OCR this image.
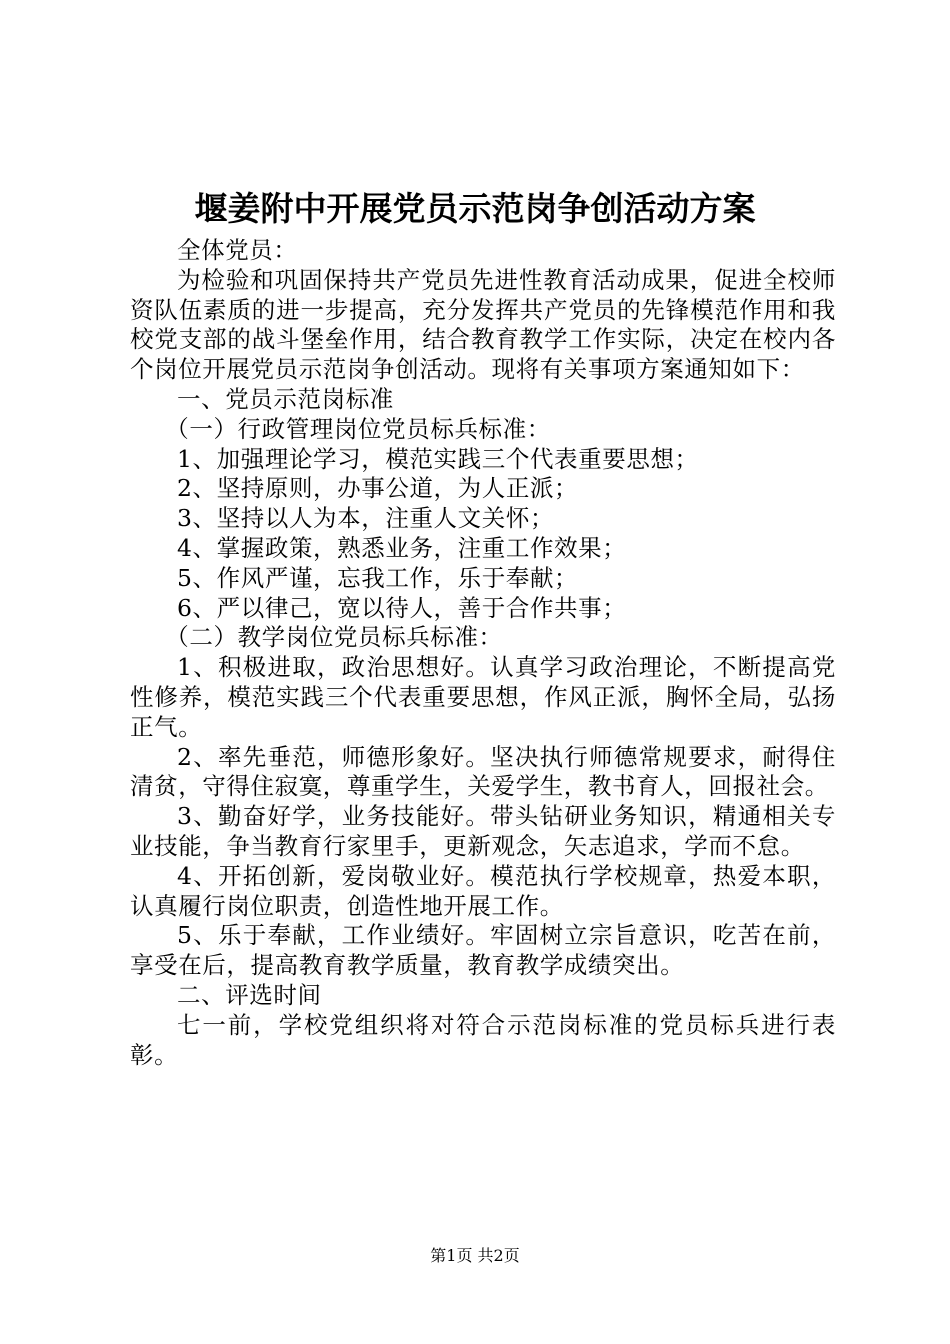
堰姜附中开展党员示范岗争创活动方案

全体党员：

为检验和巩固保持共产党员先进性教育活动成果，促进全校师资队伍素质的进一步提高，充分发挥共产党员的先锋模范作用和我校党支部的战斗堡垒作用，结合教育教学工作实际，决定在校内各个岗位开展党员示范岗争创活动。现将有关事项方案通知如下：

一、党员示范岗标准

（一）行政管理岗位党员标兵标准：

1、加强理论学习，模范实践三个代表重要思想；

2、坚持原则，办事公道，为人正派；

3、坚持以人为本，注重人文关怀；

4、掌握政策，熟悉业务，注重工作效果；

5、作风严谨，忘我工作，乐于奉献；

6、严以律己，宽以待人，善于合作共事；

（二）教学岗位党员标兵标准：

1、积极进取，政治思想好。认真学习政治理论，不断提高党性修养，模范实践三个代表重要思想，作风正派，胸怀全局，弘扬正气。

2、率先垂范，师德形象好。坚决执行师德常规要求，耐得住清贫，守得住寂寞，尊重学生，关爱学生，教书育人，回报社会。

3、勤奋好学，业务技能好。带头钻研业务知识，精通相关专业技能，争当教育行家里手，更新观念，矢志追求，学而不怠。

4、开拓创新，爱岗敬业好。模范执行学校规章，热爱本职，认真履行岗位职责，创造性地开展工作。

5、乐于奉献，工作业绩好。牢固树立宗旨意识，吃苦在前，享受在后，提高教育教学质量，教育教学成绩突出。

二、评选时间

七一前，学校党组织将对符合示范岗标准的党员标兵进行表彰。

第1页 共2页
